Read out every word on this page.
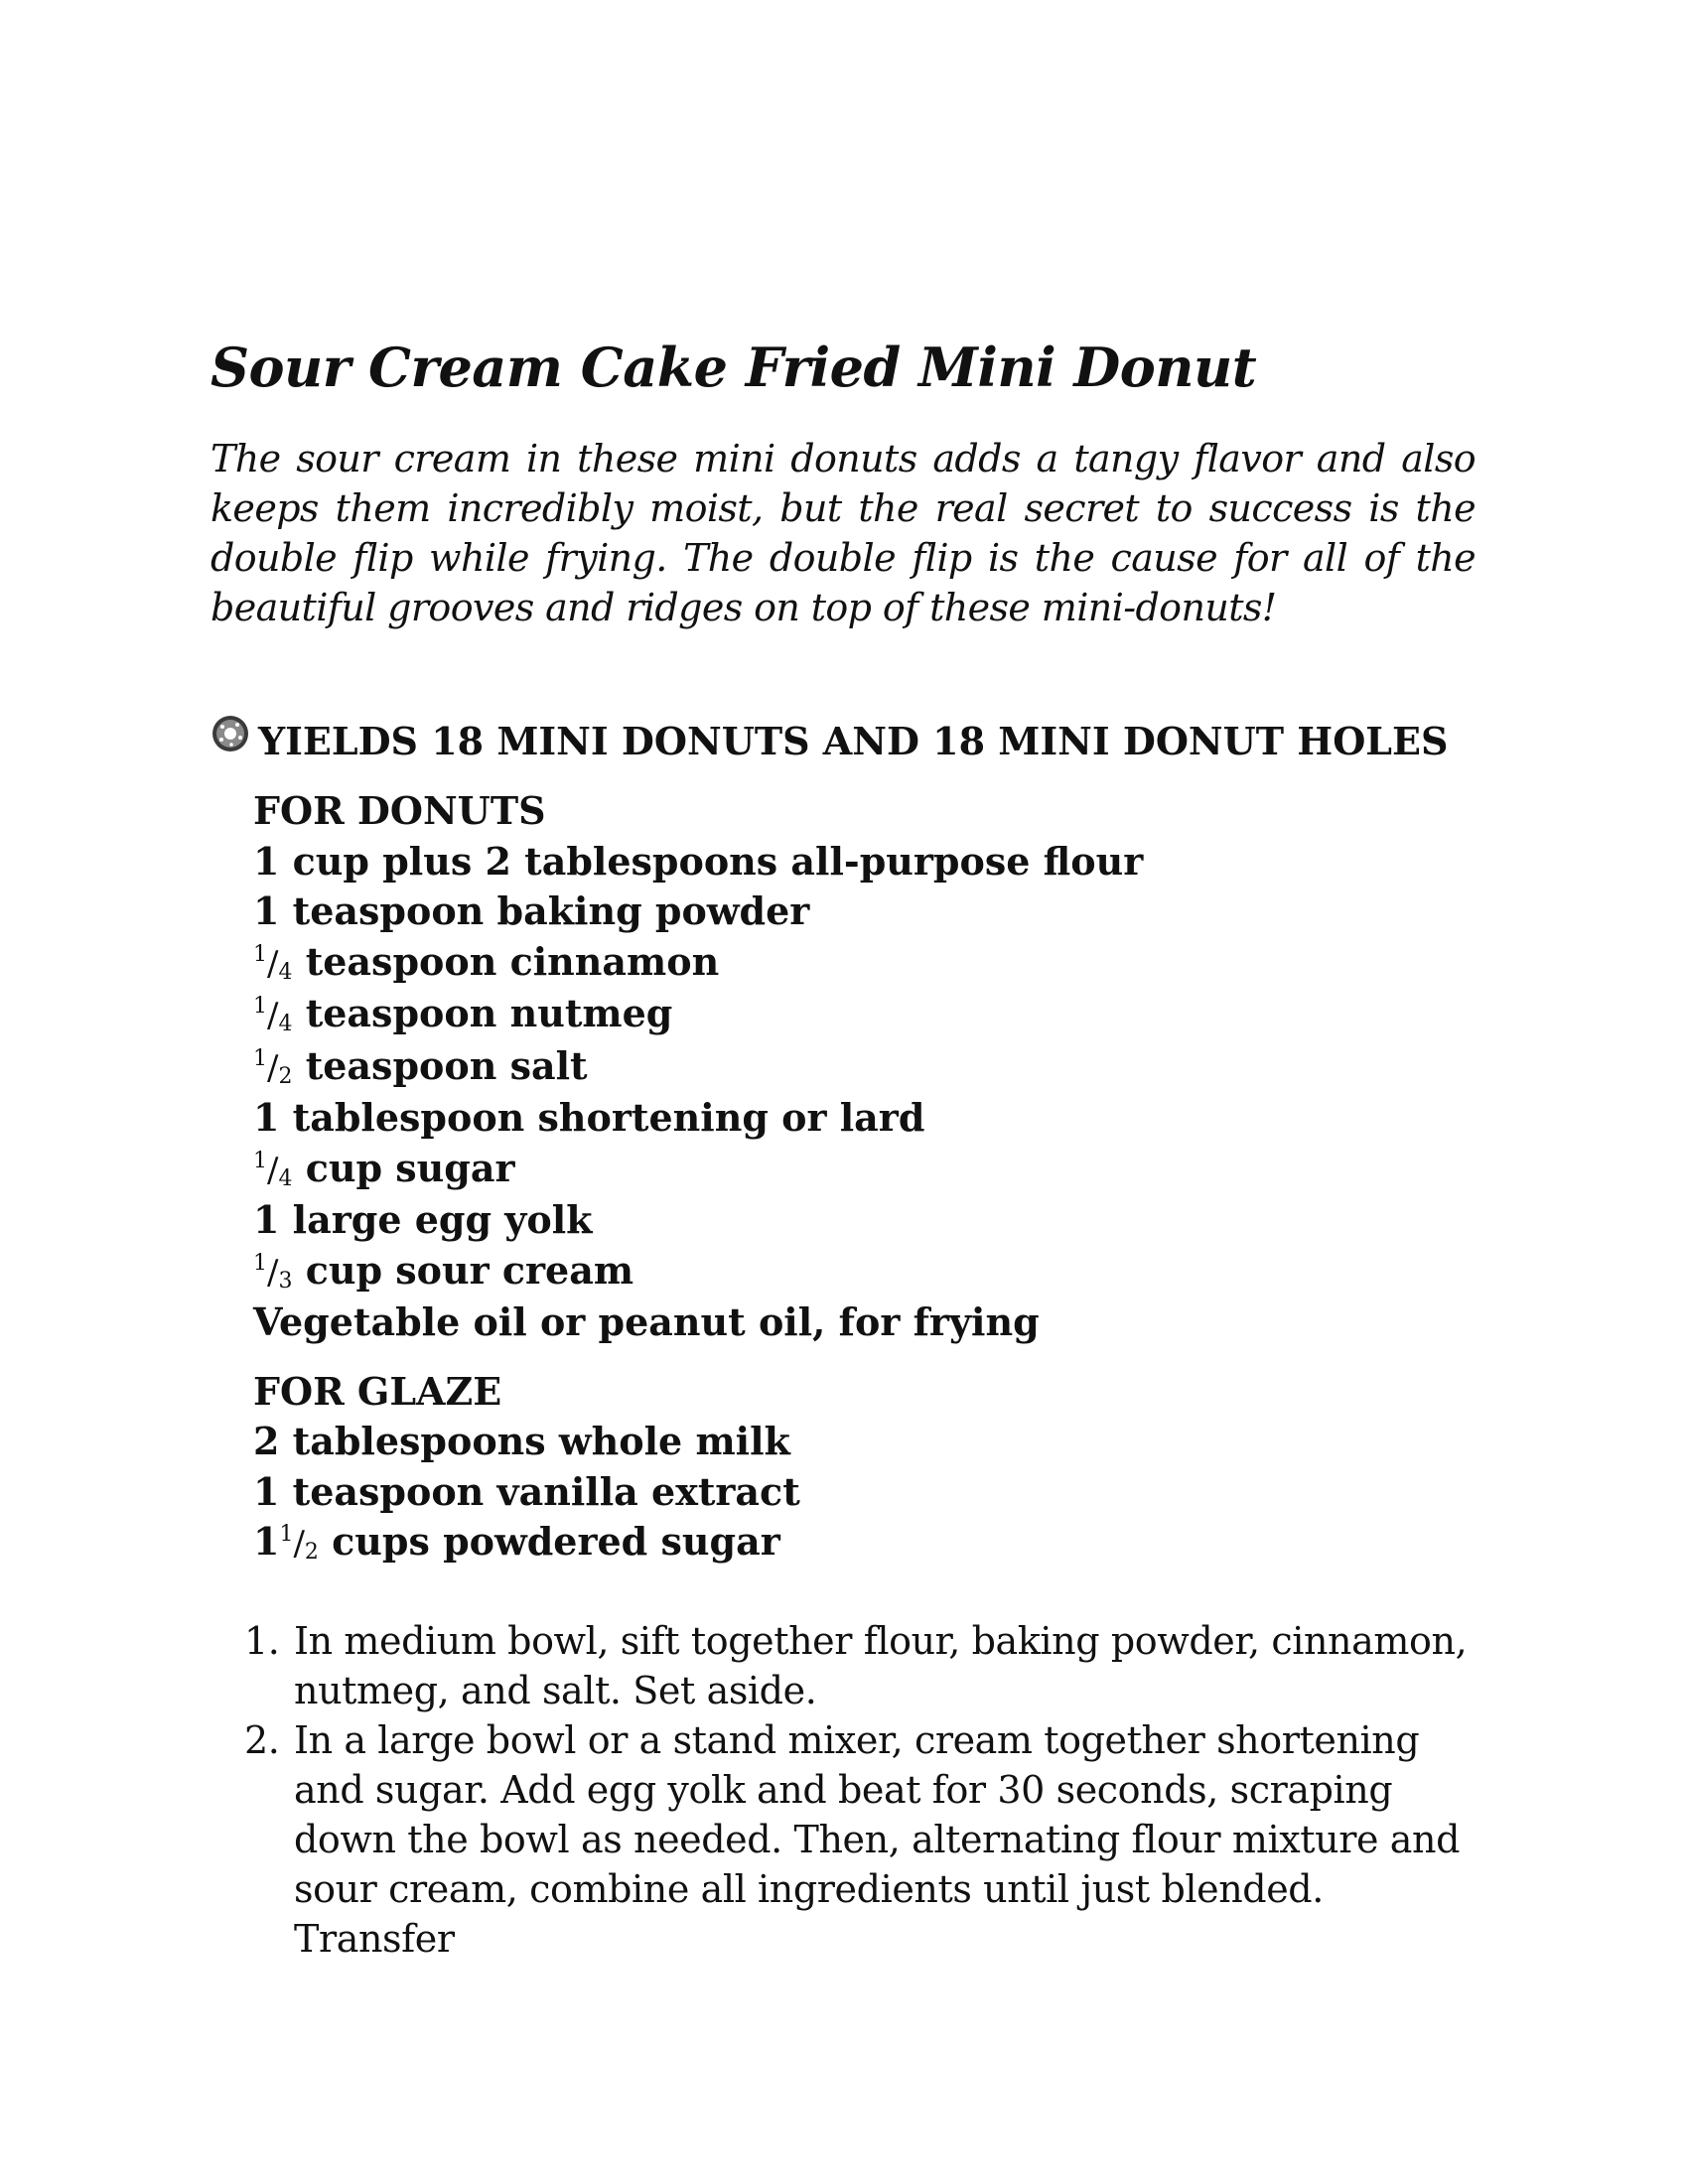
Sour Cream Cake Fried Mini Donut

The sour cream in these mini donuts adds a tangy flavor and also keeps them incredibly moist, but the real secret to success is the double flip while frying. The double flip is the cause for all of the beautiful grooves and ridges on top of these mini-donuts!

YIELDS 18 MINI DONUTS AND 18 MINI DONUT HOLES
FOR DONUTS
1 cup plus 2 tablespoons all-purpose flour
1 teaspoon baking powder
$^1/_4$ teaspoon cinnamon
$^1/_4$ teaspoon nutmeg
$^1/_2$ teaspoon salt
1 tablespoon shortening or lard
$^1/_4$ cup sugar
1 large egg yolk
$^1/_3$ cup sour cream
Vegetable oil or peanut oil, for frying
FOR GLAZE
2 tablespoons whole milk
1 teaspoon vanilla extract
$1^1/_2$ cups powdered sugar
1. In medium bowl, sift together flour, baking powder, cinnamon, nutmeg, and salt. Set aside.
2. In a large bowl or a stand mixer, cream together shortening and sugar. Add egg yolk and beat for 30 seconds, scraping down the bowl as needed. Then, alternating flour mixture and sour cream, combine all ingredients until just blended. Transfer
